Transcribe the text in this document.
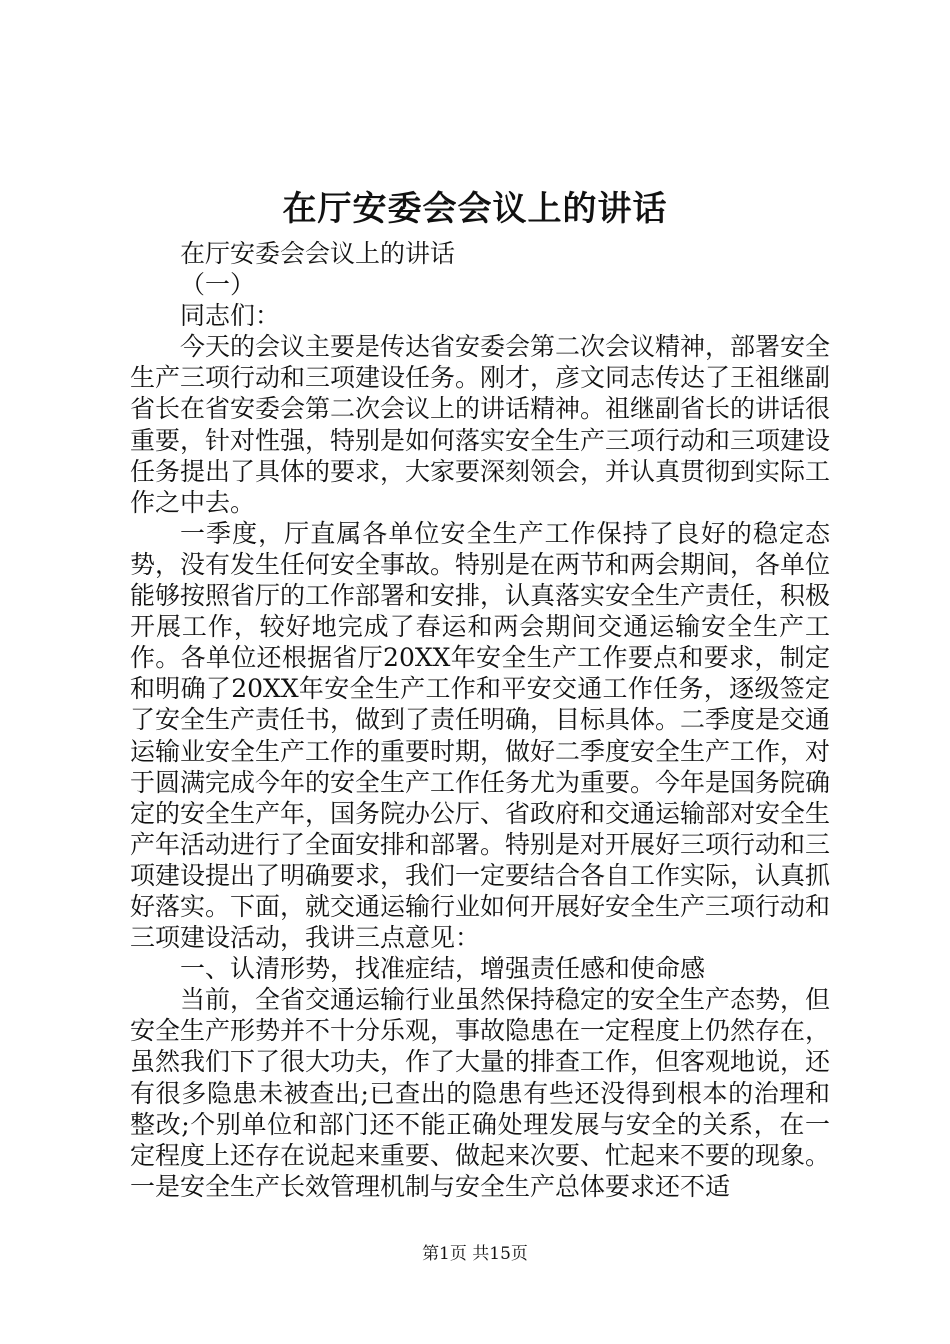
在厅安委会会议上的讲话

在厅安委会会议上的讲话

（一）

同志们：

今天的会议主要是传达省安委会第二次会议精神，部署安全生产三项行动和三项建设任务。刚才，彦文同志传达了王祖继副省长在省安委会第二次会议上的讲话精神。祖继副省长的讲话很重要，针对性强，特别是如何落实安全生产三项行动和三项建设任务提出了具体的要求，大家要深刻领会，并认真贯彻到实际工作之中去。

一季度，厅直属各单位安全生产工作保持了良好的稳定态势，没有发生任何安全事故。特别是在两节和两会期间，各单位能够按照省厅的工作部署和安排，认真落实安全生产责任，积极开展工作，较好地完成了春运和两会期间交通运输安全生产工作。各单位还根据省厅20XX年安全生产工作要点和要求，制定和明确了20XX年安全生产工作和平安交通工作任务，逐级签定了安全生产责任书，做到了责任明确，目标具体。二季度是交通运输业安全生产工作的重要时期，做好二季度安全生产工作，对于圆满完成今年的安全生产工作任务尤为重要。今年是国务院确定的安全生产年，国务院办公厅、省政府和交通运输部对安全生产年活动进行了全面安排和部署。特别是对开展好三项行动和三项建设提出了明确要求，我们一定要结合各自工作实际，认真抓好落实。下面，就交通运输行业如何开展好安全生产三项行动和三项建设活动，我讲三点意见：

一、认清形势，找准症结，增强责任感和使命感

当前，全省交通运输行业虽然保持稳定的安全生产态势，但安全生产形势并不十分乐观，事故隐患在一定程度上仍然存在，虽然我们下了很大功夫，作了大量的排查工作，但客观地说，还有很多隐患未被查出;已查出的隐患有些还没得到根本的治理和整改;个别单位和部门还不能正确处理发展与安全的关系，在一定程度上还存在说起来重要、做起来次要、忙起来不要的现象。一是安全生产长效管理机制与安全生产总体要求还不适

第1页 共15页
